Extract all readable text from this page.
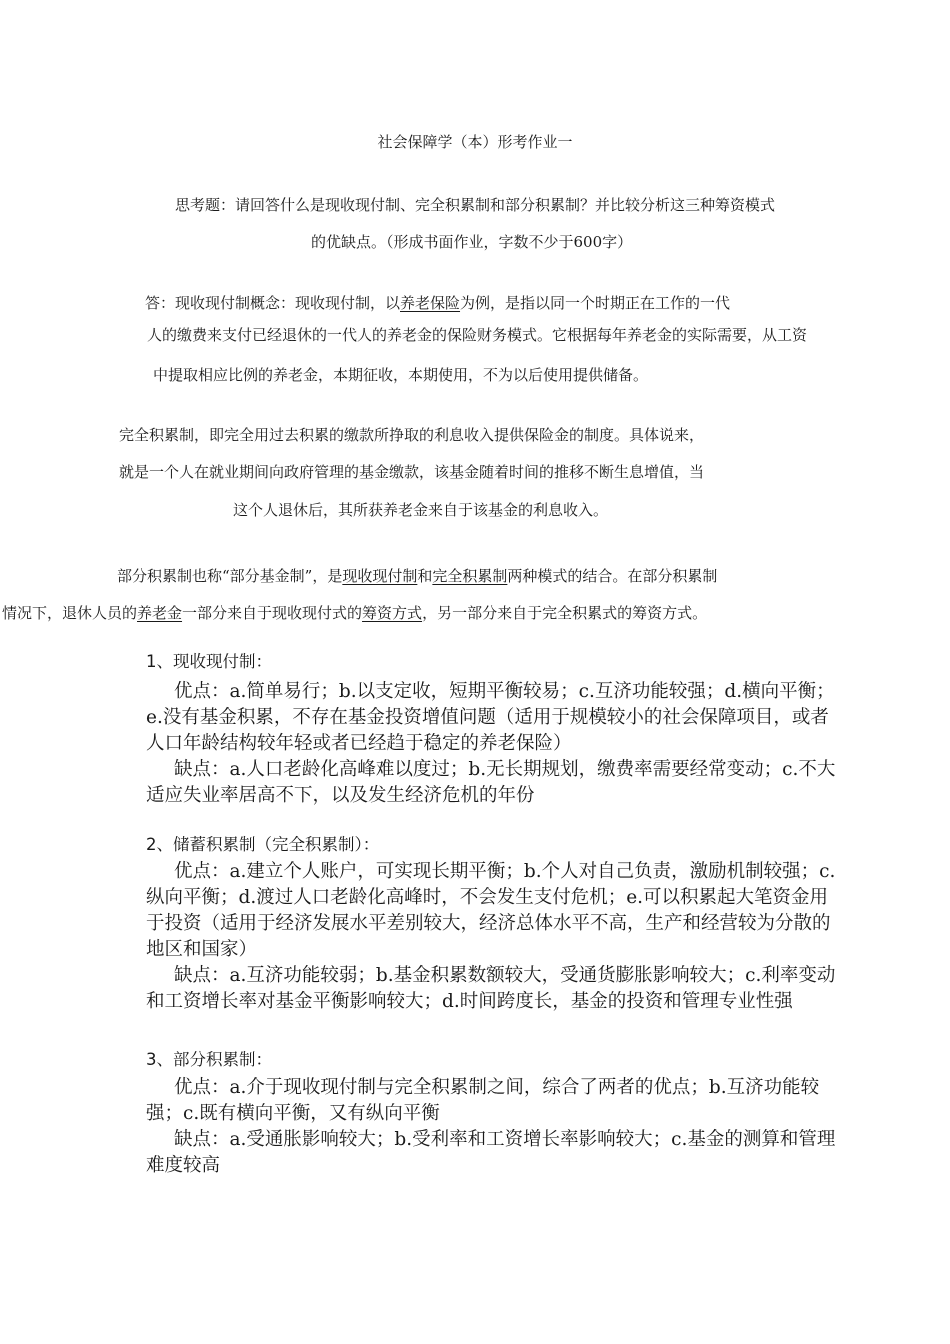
社会保障学（本）形考作业一
思考题：请回答什么是现收现付制、完全积累制和部分积累制？并比较分析这三种筹资模式
的优缺点。（形成书面作业，字数不少于600字）
答：现收现付制概念：现收现付制，以养老保险为例，是指以同一个时期正在工作的一代
人的缴费来支付已经退休的一代人的养老金的保险财务模式。它根据每年养老金的实际需要，从工资
中提取相应比例的养老金，本期征收，本期使用，不为以后使用提供储备。
完全积累制，即完全用过去积累的缴款所挣取的利息收入提供保险金的制度。具体说来，
就是一个人在就业期间向政府管理的基金缴款，该基金随着时间的推移不断生息增值，当
这个人退休后，其所获养老金来自于该基金的利息收入。
部分积累制也称“部分基金制”，是现收现付制和完全积累制两种模式的结合。在部分积累制
情况下，退休人员的养老金一部分来自于现收现付式的筹资方式，另一部分来自于完全积累式的筹资方式。
1、现收现付制：
优点：a.简单易行；b.以支定收，短期平衡较易；c.互济功能较强；d.横向平衡；
e.没有基金积累，不存在基金投资增值问题（适用于规模较小的社会保障项目，或者
人口年龄结构较年轻或者已经趋于稳定的养老保险）
缺点：a.人口老龄化高峰难以度过；b.无长期规划，缴费率需要经常变动；c.不大
适应失业率居高不下，以及发生经济危机的年份
2、储蓄积累制（完全积累制）：
优点：a.建立个人账户，可实现长期平衡；b.个人对自己负责，激励机制较强；c.
纵向平衡；d.渡过人口老龄化高峰时，不会发生支付危机；e.可以积累起大笔资金用
于投资（适用于经济发展水平差别较大，经济总体水平不高，生产和经营较为分散的
地区和国家）
缺点：a.互济功能较弱；b.基金积累数额较大，受通货膨胀影响较大；c.利率变动
和工资增长率对基金平衡影响较大；d.时间跨度长，基金的投资和管理专业性强
3、部分积累制：
优点：a.介于现收现付制与完全积累制之间，综合了两者的优点；b.互济功能较
强；c.既有横向平衡，又有纵向平衡
缺点：a.受通胀影响较大；b.受利率和工资增长率影响较大；c.基金的测算和管理
难度较高
